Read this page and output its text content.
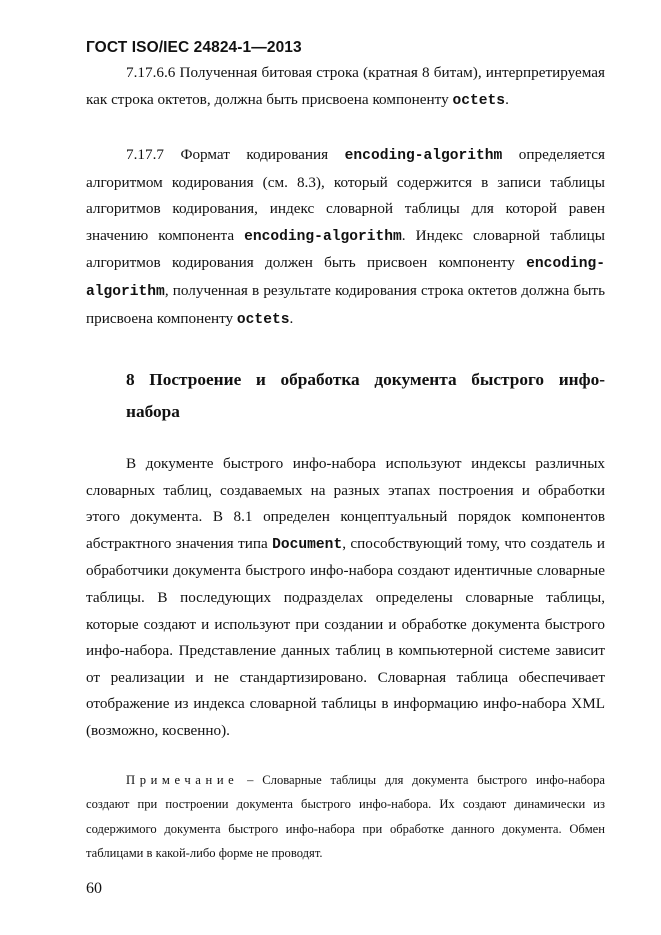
ГОСТ ISO/IEC 24824-1—2013
7.17.6.6 Полученная битовая строка (кратная 8 битам), интерпретируемая как строка октетов, должна быть присвоена компоненту octets.
7.17.7 Формат кодирования encoding-algorithm определяется алгоритмом кодирования (см. 8.3), который содержится в записи таблицы алгоритмов кодирования, индекс словарной таблицы для которой равен значению компонента encoding-algorithm. Индекс словарной таблицы алгоритмов кодирования должен быть присвоен компоненту encoding-algorithm, полученная в результате кодирования строка октетов должна быть присвоена компоненту octets.
8 Построение и обработка документа быстрого инфо-набора
В документе быстрого инфо-набора используют индексы различных словарных таблиц, создаваемых на разных этапах построения и обработки этого документа. В 8.1 определен концептуальный порядок компонентов абстрактного значения типа Document, способствующий тому, что создатель и обработчики документа быстрого инфо-набора создают идентичные словарные таблицы. В последующих подразделах определены словарные таблицы, которые создают и используют при создании и обработке документа быстрого инфо-набора. Представление данных таблиц в компьютерной системе зависит от реализации и не стандартизировано. Словарная таблица обеспечивает отображение из индекса словарной таблицы в информацию инфо-набора XML (возможно, косвенно).
Примечание – Словарные таблицы для документа быстрого инфо-набора создают при построении документа быстрого инфо-набора. Их создают динамически из содержимого документа быстрого инфо-набора при обработке данного документа. Обмен таблицами в какой-либо форме не проводят.
60
